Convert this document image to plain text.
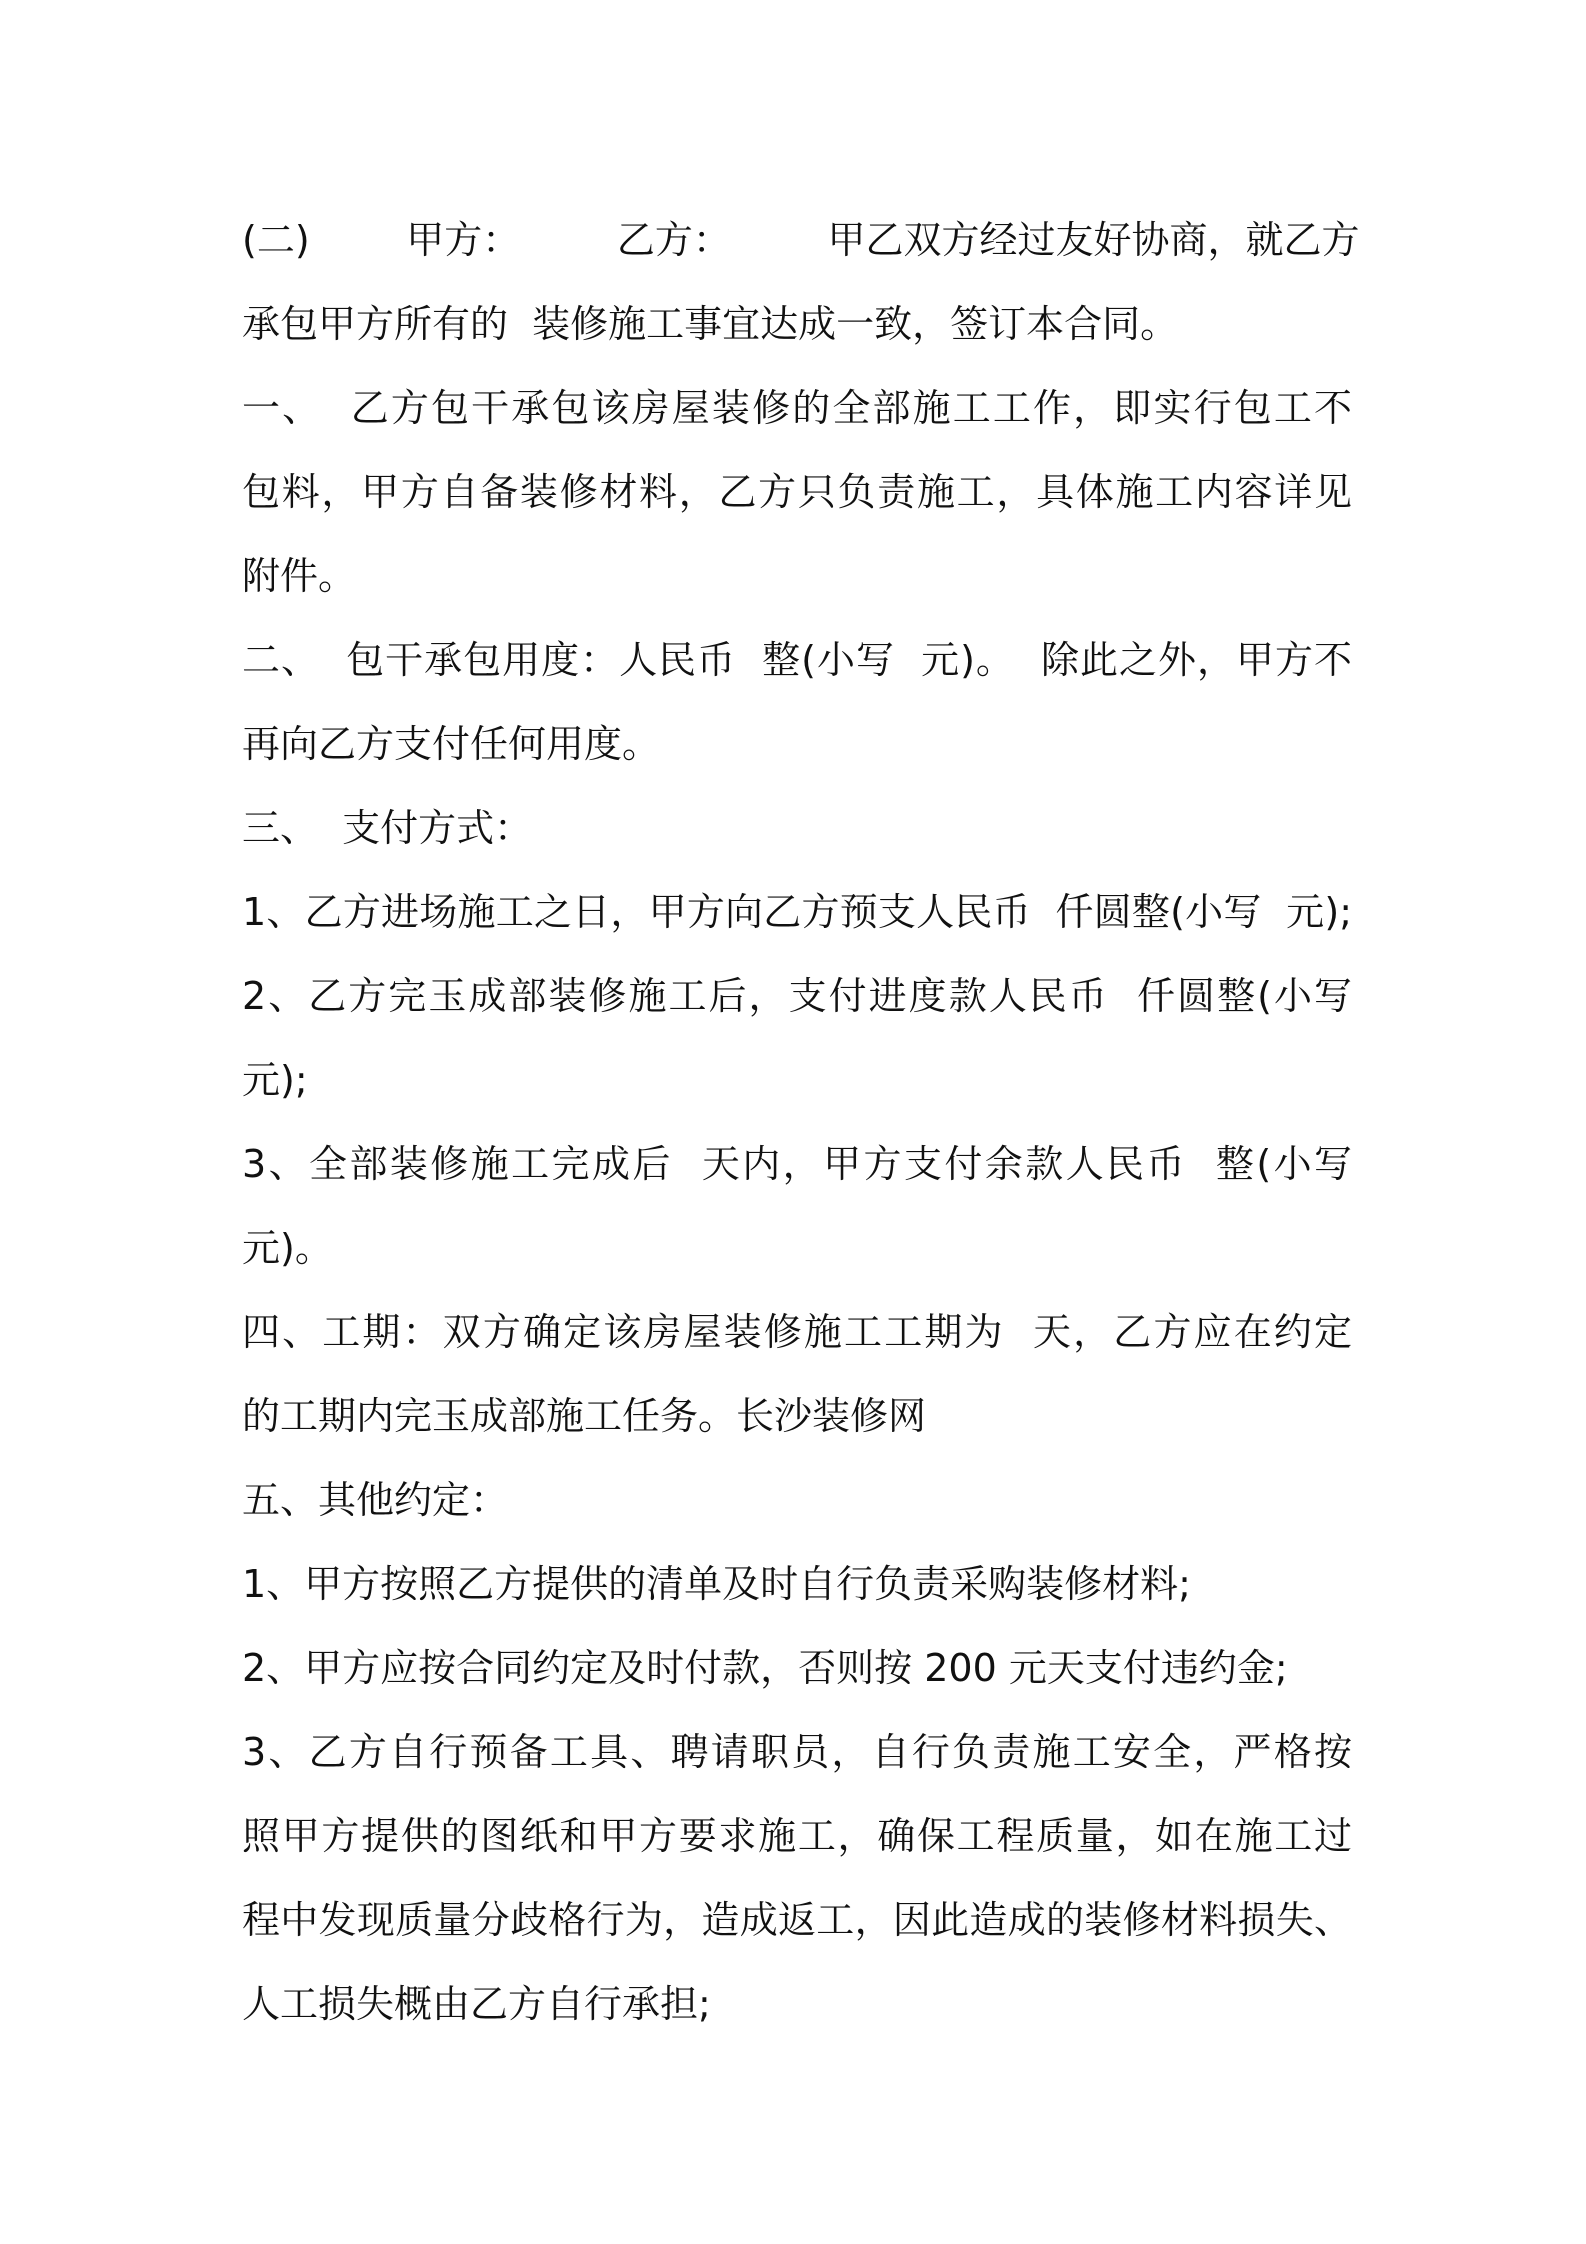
(二)        甲方：        乙方：        甲乙双方经过友好协商，就乙方
承包甲方所有的  装修施工事宜达成一致，签订本合同。
一、  乙方包干承包该房屋装修的全部施工工作，即实行包工不
包料，甲方自备装修材料，乙方只负责施工，具体施工内容详见
附件。
二、  包干承包用度：人民币  整(小写  元)。  除此之外，甲方不
再向乙方支付任何用度。
三、  支付方式：
1、乙方进场施工之日，甲方向乙方预支人民币  仟圆整(小写  元);
2、乙方完玉成部装修施工后，支付进度款人民币  仟圆整(小写
元);
3、全部装修施工完成后  天内，甲方支付余款人民币  整(小写
元)。
四、工期：双方确定该房屋装修施工工期为  天，乙方应在约定
的工期内完玉成部施工任务。长沙装修网
五、其他约定：
1、甲方按照乙方提供的清单及时自行负责采购装修材料;
2、甲方应按合同约定及时付款，否则按 200 元天支付违约金;
3、乙方自行预备工具、聘请职员，自行负责施工安全，严格按
照甲方提供的图纸和甲方要求施工，确保工程质量，如在施工过
程中发现质量分歧格行为，造成返工，因此造成的装修材料损失、
人工损失概由乙方自行承担;
